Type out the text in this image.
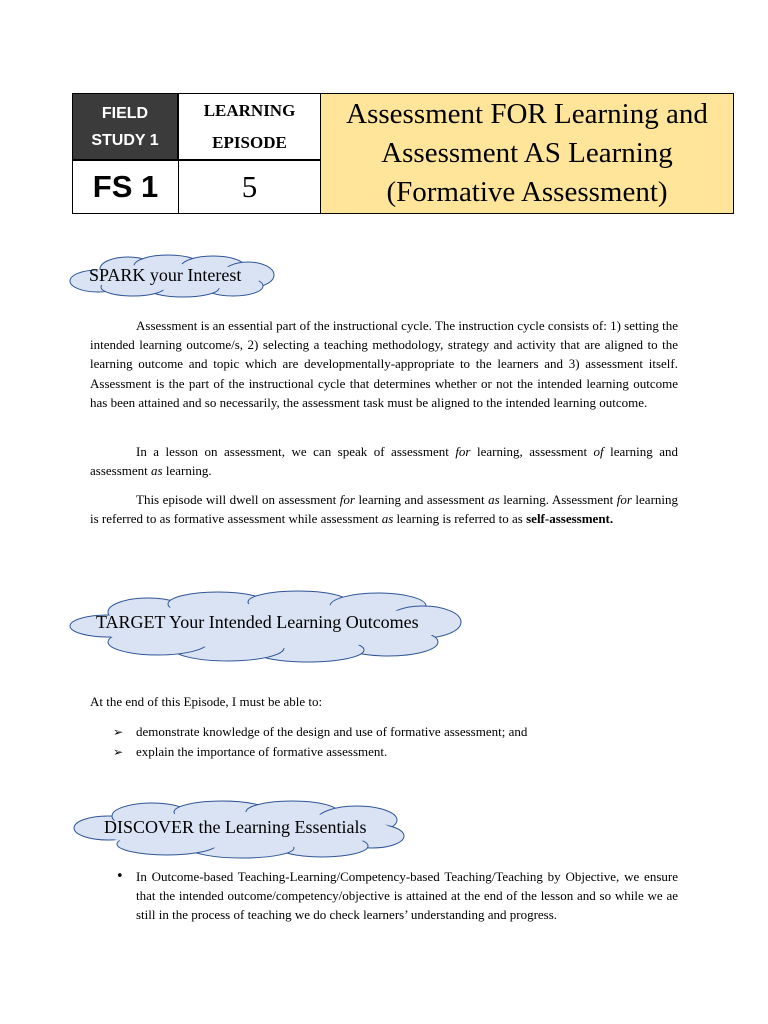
FIELD
STUDY 1
LEARNING
EPISODE
FS 1	5
Assessment FOR Learning and
Assessment AS Learning
(Formative Assessment)
SPARK your Interest

Assessment is an essential part of the instructional cycle. The instruction cycle consists of: 1) setting the intended learning outcome/s, 2) selecting a teaching methodology, strategy and activity that are aligned to the learning outcome and topic which are developmentally-appropriate to the learners and 3) assessment itself. Assessment is the part of the instructional cycle that determines whether or not the intended learning outcome has been attained and so necessarily, the assessment task must be aligned to the intended learning outcome.

In a lesson on assessment, we can speak of assessment for learning, assessment of learning and assessment as learning.

This episode will dwell on assessment for learning and assessment as learning. Assessment for learning is referred to as formative assessment while assessment as learning is referred to as self-assessment.

TARGET Your Intended Learning Outcomes

At the end of this Episode, I must be able to:

➢ demonstrate knowledge of the design and use of formative assessment; and
➢ explain the importance of formative assessment.
DISCOVER the Learning Essentials
• In Outcome-based Teaching-Learning/Competency-based Teaching/Teaching by Objective, we ensure that the intended outcome/competency/objective is attained at the end of the lesson and so while we ae still in the process of teaching we do check learners’ understanding and progress.
